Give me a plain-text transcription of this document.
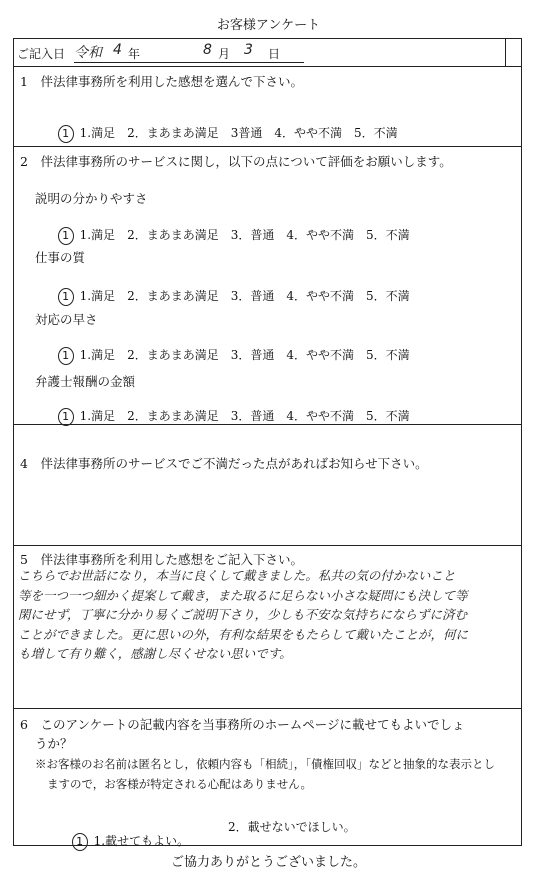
お客様アンケート
ご記入日 令和 4 年	8 月 3 日
1　伴法律事務所を利用した感想を選んで下さい。

1 1.満足　2．まあまあ満足　3普通　4．やや不満　5．不満

2　伴法律事務所のサービスに関し，以下の点について評価をお願いします。
説明の分かりやすさ

1 1.満足　2．まあまあ満足　3．普通　4．やや不満　5．不満

仕事の質

1 1.満足　2．まあまあ満足　3．普通　4．やや不満　5．不満

対応の早さ

1 1.満足　2．まあまあ満足　3．普通　4．やや不満　5．不満

弁護士報酬の金額

1 1.満足　2．まあまあ満足　3．普通　4．やや不満　5．不満

4　伴法律事務所のサービスでご不満だった点があればお知らせ下さい。
5　伴法律事務所を利用した感想をご記入下さい。
こちらでお世話になり，本当に良くして戴きました。私共の気の付かないこと
等を一つ一つ細かく提案して戴き，また取るに足らない小さな疑問にも決して等
閑にせず，丁寧に分かり易くご説明下さり，少しも不安な気持ちにならずに済む
ことができました。更に思いの外，有利な結果をもたらして戴いたことが，何に
も増して有り難く，感謝し尽くせない思いです。
6　このアンケートの記載内容を当事務所のホームページに載せてもよいでしょ
うか？
※お客様のお名前は匿名とし，依頼内容も「相続」，「債権回収」などと抽象的な表示とし
ますので，お客様が特定される心配はありません。

1 1.載せてもよい。

2．載せないでほしい。
ご協力ありがとうございました。
